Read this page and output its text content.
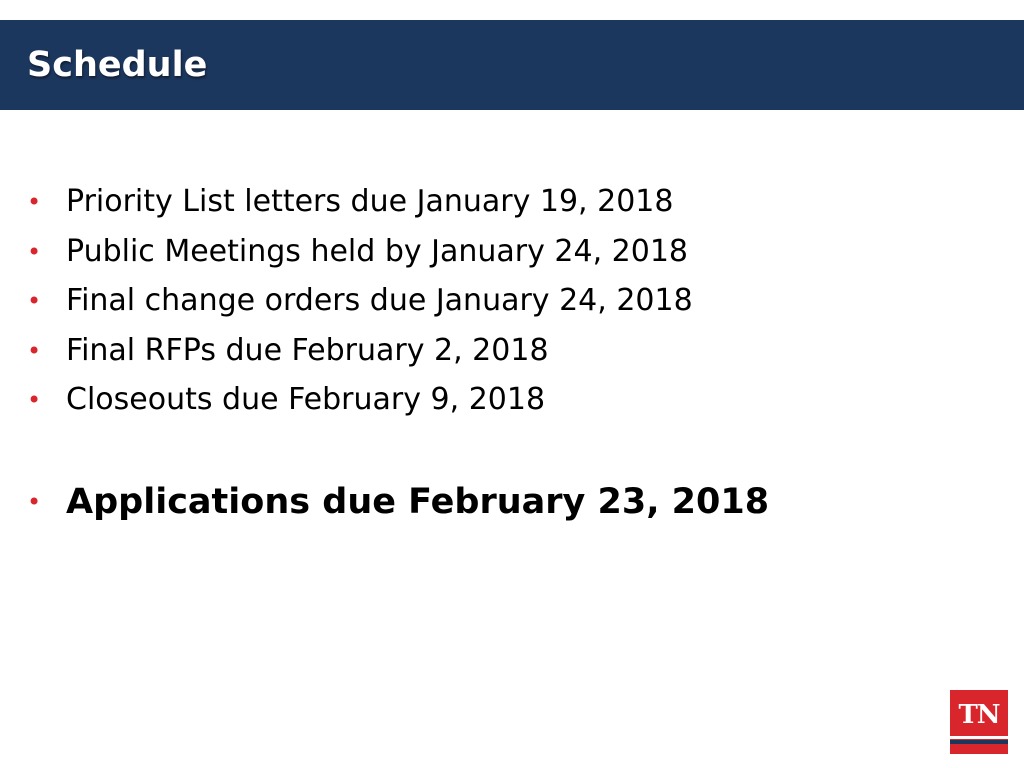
Schedule
• Priority List letters due January 19, 2018
• Public Meetings held by January 24, 2018
• Final change orders due January 24, 2018
• Final RFPs due February 2, 2018
• Closeouts due February 9, 2018
• Applications due February 23, 2018
TN
